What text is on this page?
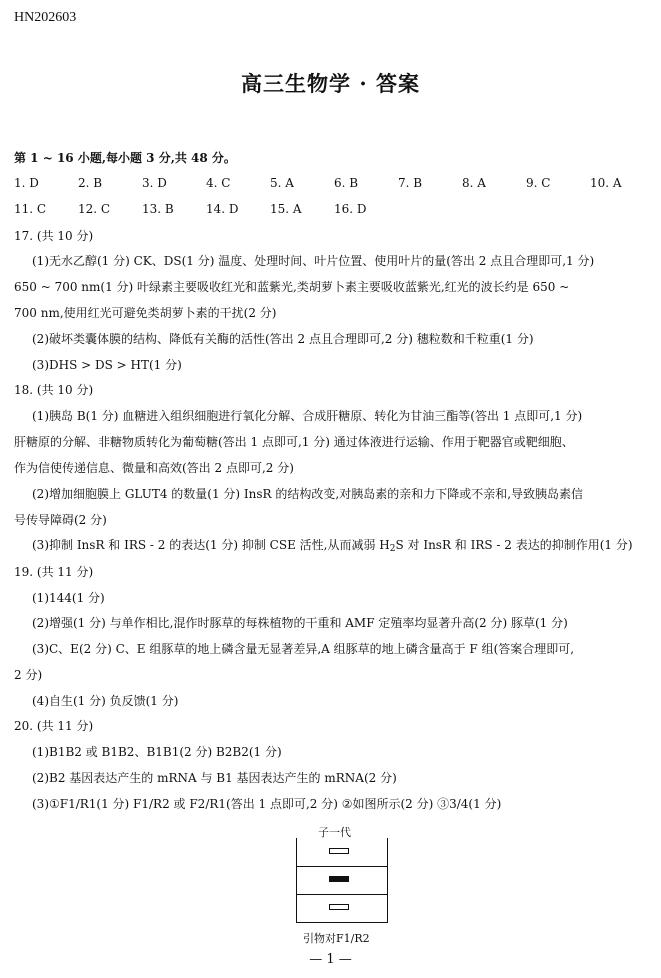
HN202603
高三生物学 · 答案
第 1 ~ 16 小题,每小题 3 分,共 48 分。
1. D	2. B	3. D	4. C	5. A	6. B	7. B	8. A	9. C	10. A
11. C	12. C	13. B	14. D	15. A	16. D
17. (共 10 分)
(1)无水乙醇(1 分) CK、DS(1 分) 温度、处理时间、叶片位置、使用叶片的量(答出 2 点且合理即可,1 分)
650 ~ 700 nm(1 分) 叶绿素主要吸收红光和蓝紫光,类胡萝卜素主要吸收蓝紫光,红光的波长约是 650 ~
700 nm,使用红光可避免类胡萝卜素的干扰(2 分)
(2)破坏类囊体膜的结构、降低有关酶的活性(答出 2 点且合理即可,2 分) 穗粒数和千粒重(1 分)
(3)DHS > DS > HT(1 分)
18. (共 10 分)
(1)胰岛 B(1 分) 血糖进入组织细胞进行氧化分解、合成肝糖原、转化为甘油三酯等(答出 1 点即可,1 分)
肝糖原的分解、非糖物质转化为葡萄糖(答出 1 点即可,1 分) 通过体液进行运输、作用于靶器官或靶细胞、
作为信使传递信息、微量和高效(答出 2 点即可,2 分)
(2)增加细胞膜上 GLUT4 的数量(1 分) InsR 的结构改变,对胰岛素的亲和力下降或不亲和,导致胰岛素信
号传导障碍(2 分)
(3)抑制 InsR 和 IRS - 2 的表达(1 分) 抑制 CSE 活性,从而减弱 $H_2S$ 对 InsR 和 IRS - 2 表达的抑制作用(1 分)
19. (共 11 分)
(1)144(1 分)
(2)增强(1 分) 与单作相比,混作时豚草的每株植物的干重和 AMF 定殖率均显著升高(2 分) 豚草(1 分)
(3)C、E(2 分) C、E 组豚草的地上磷含量无显著差异,A 组豚草的地上磷含量高于 F 组(答案合理即可,
2 分)
(4)自生(1 分) 负反馈(1 分)
20. (共 11 分)
(1)B1B2 或 B1B2、B1B1(2 分) B2B2(1 分)
(2)B2 基因表达产生的 mRNA 与 B1 基因表达产生的 mRNA(2 分)
(3)①F1/R1(1 分) F1/R2 或 F2/R1(答出 1 点即可,2 分) ②如图所示(2 分) ③3/4(1 分)
子一代
引物对F1/R2
— 1 —
